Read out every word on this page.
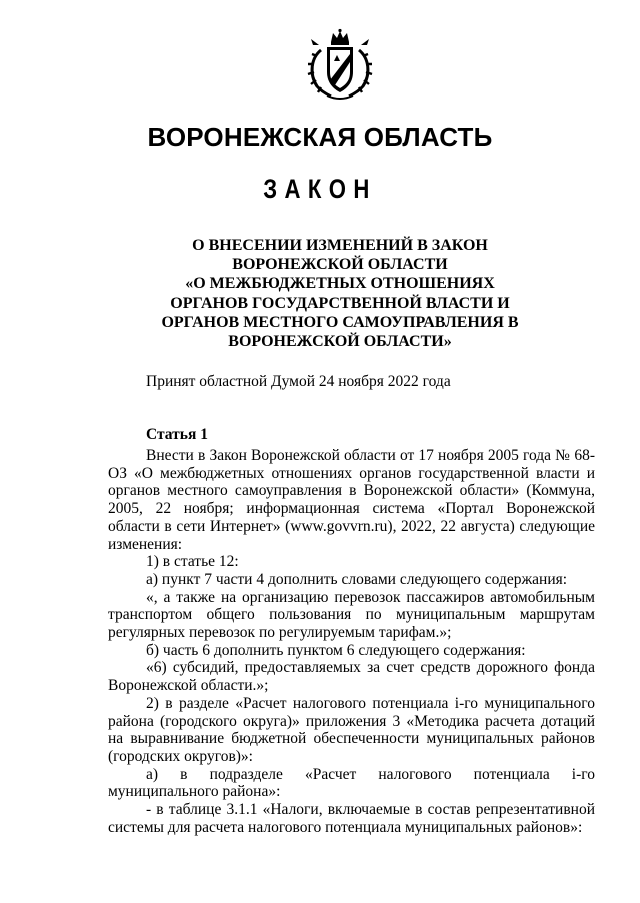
ВОРОНЕЖСКАЯ ОБЛАСТЬ
ЗАКОН
О ВНЕСЕНИИ ИЗМЕНЕНИЙ В ЗАКОН
ВОРОНЕЖСКОЙ ОБЛАСТИ
«О МЕЖБЮДЖЕТНЫХ ОТНОШЕНИЯХ
ОРГАНОВ ГОСУДАРСТВЕННОЙ ВЛАСТИ И
ОРГАНОВ МЕСТНОГО САМОУПРАВЛЕНИЯ В
ВОРОНЕЖСКОЙ ОБЛАСТИ»
Принят областной Думой 24 ноября 2022 года
Статья 1

Внести в Закон Воронежской области от 17 ноября 2005 года № 68-ОЗ «О межбюджетных отношениях органов государственной власти и органов местного самоуправления в Воронежской области» (Коммуна, 2005, 22 ноября; информационная система «Портал Воронежской области в сети Интернет» (www.govvrn.ru), 2022, 22 августа) следующие изменения:

1) в статье 12:

а) пункт 7 части 4 дополнить словами следующего содержания:

«, а также на организацию перевозок пассажиров автомобильным транспортом общего пользования по муниципальным маршрутам регулярных перевозок по регулируемым тарифам.»;

б) часть 6 дополнить пунктом 6 следующего содержания:

«6) субсидий, предоставляемых за счет средств дорожного фонда Воронежской области.»;

2) в разделе «Расчет налогового потенциала i-го муниципального района (городского округа)» приложения 3 «Методика расчета дотаций на выравнивание бюджетной обеспеченности муниципальных районов (городских округов)»:

а) в подразделе «Расчет налогового потенциала i-го муниципального района»:

- в таблице 3.1.1 «Налоги, включаемые в состав репрезентативной системы для расчета налогового потенциала муниципальных районов»:
